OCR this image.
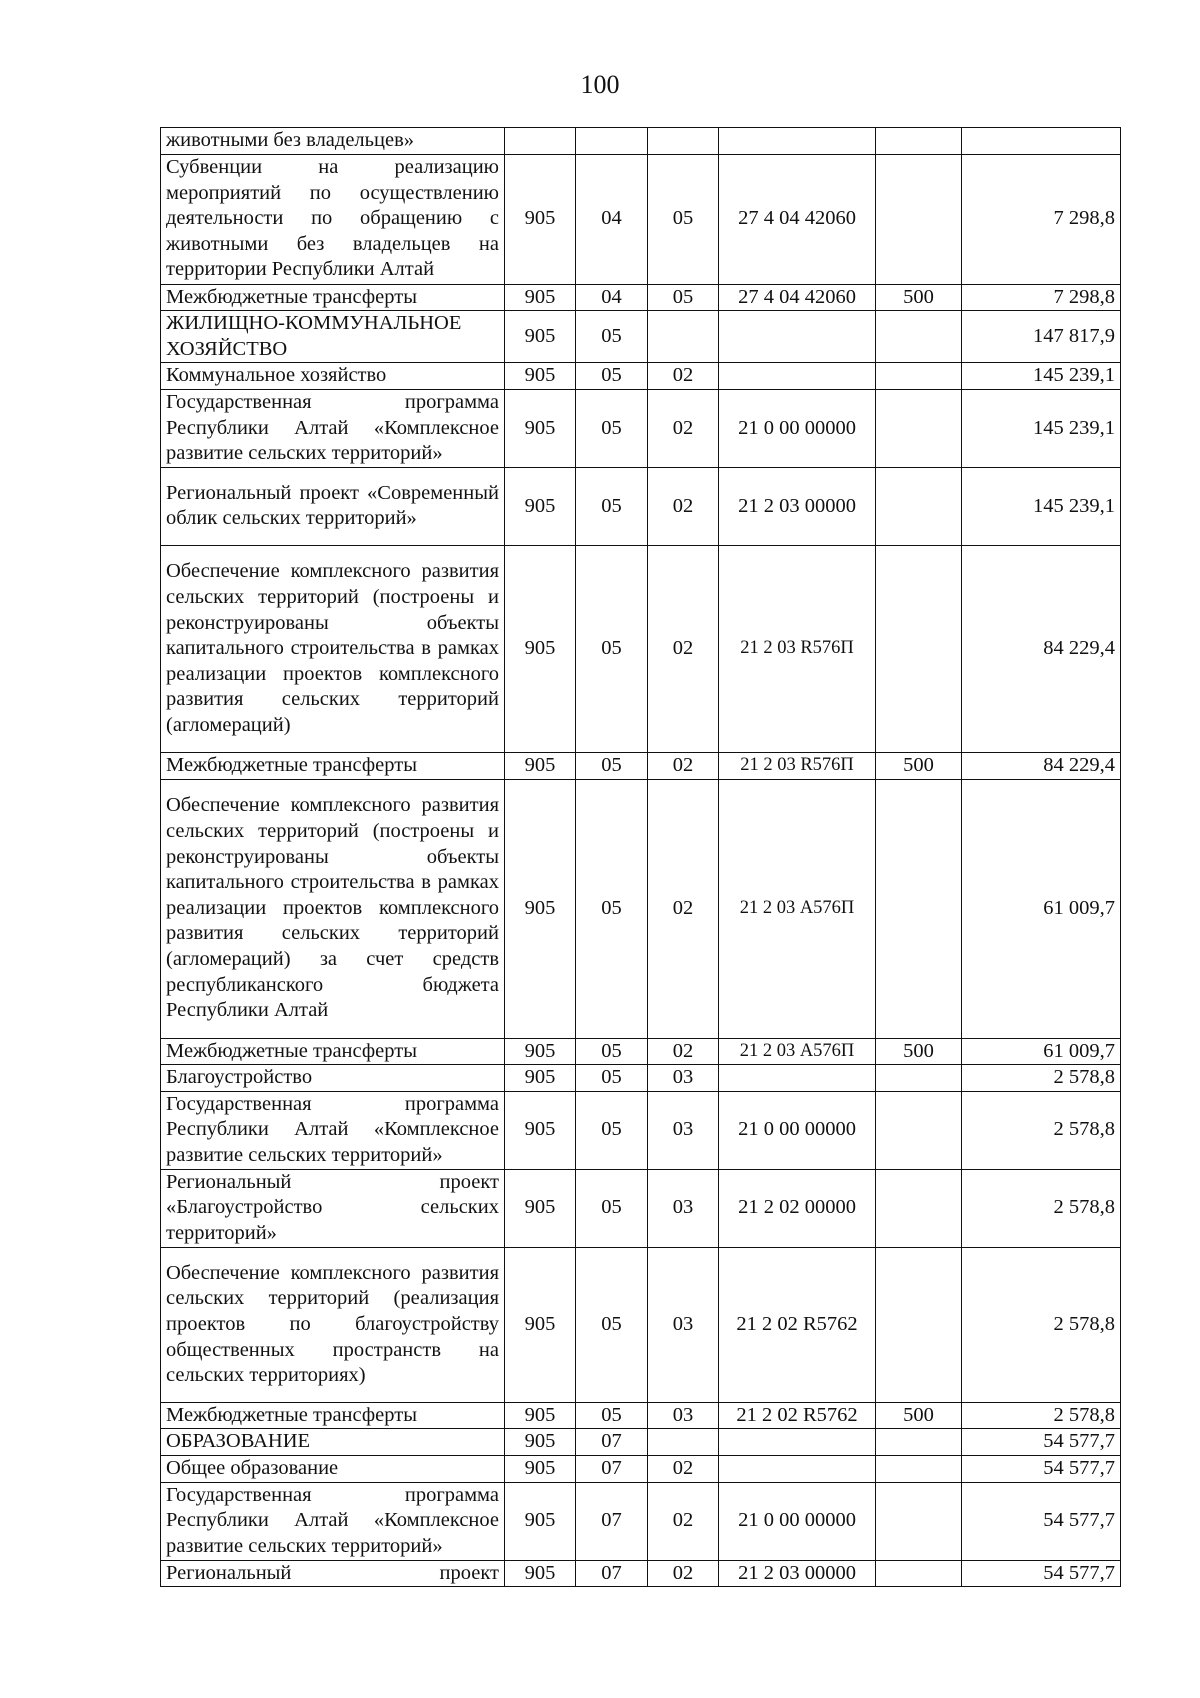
100
животными без владельцев»						
Субвенции на реализацию мероприятий по осуществлению деятельности по обращению с животными без владельцев на территории Республики Алтай	905	04	05	27 4 04 42060		7 298,8
Межбюджетные трансферты	905	04	05	27 4 04 42060	500	7 298,8
ЖИЛИЩНО-КОММУНАЛЬНОЕ ХОЗЯЙСТВО	905	05				147 817,9
Коммунальное хозяйство	905	05	02			145 239,1
Государственная программа Республики Алтай «Комплексное развитие сельских территорий»	905	05	02	21 0 00 00000		145 239,1
Региональный проект «Современный облик сельских территорий»	905	05	02	21 2 03 00000		145 239,1
Обеспечение комплексного развития сельских территорий (построены и реконструированы объекты капитального строительства в рамках реализации проектов комплексного развития сельских территорий (агломераций)	905	05	02	21 2 03 R576П		84 229,4
Межбюджетные трансферты	905	05	02	21 2 03 R576П	500	84 229,4
Обеспечение комплексного развития сельских территорий (построены и реконструированы объекты капитального строительства в рамках реализации проектов комплексного развития сельских территорий (агломераций) за счет средств республиканского бюджета Республики Алтай	905	05	02	21 2 03 А576П		61 009,7
Межбюджетные трансферты	905	05	02	21 2 03 А576П	500	61 009,7
Благоустройство	905	05	03			2 578,8
Государственная программа Республики Алтай «Комплексное развитие сельских территорий»	905	05	03	21 0 00 00000		2 578,8
Региональный проект «Благоустройство сельских территорий»	905	05	03	21 2 02 00000		2 578,8
Обеспечение комплексного развития сельских территорий (реализация проектов по благоустройству общественных пространств на сельских территориях)	905	05	03	21 2 02 R5762		2 578,8
Межбюджетные трансферты	905	05	03	21 2 02 R5762	500	2 578,8
ОБРАЗОВАНИЕ	905	07				54 577,7
Общее образование	905	07	02			54 577,7
Государственная программа Республики Алтай «Комплексное развитие сельских территорий»	905	07	02	21 0 00 00000		54 577,7
Региональный проект	905	07	02	21 2 03 00000		54 577,7
